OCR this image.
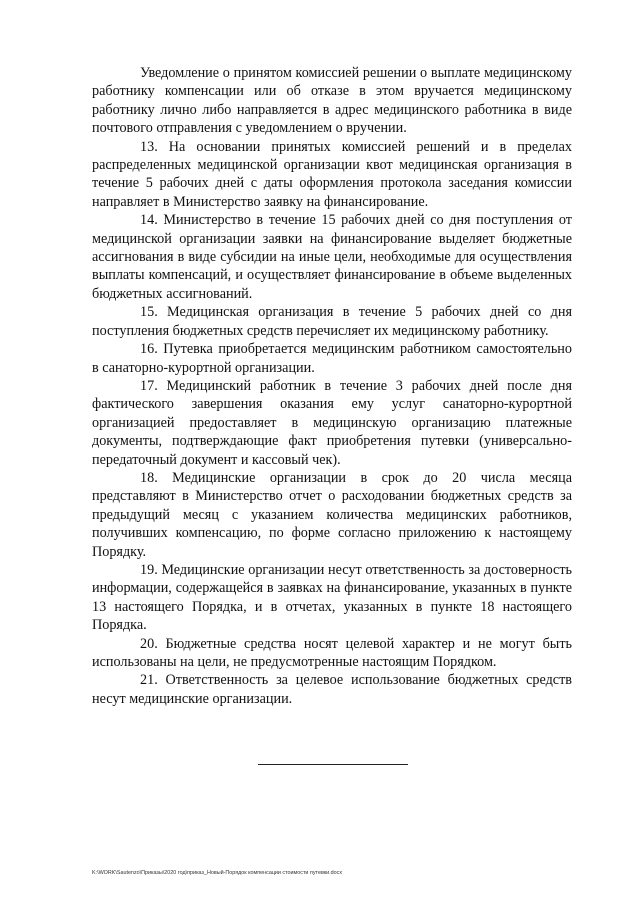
Уведомление о принятом комиссией решении о выплате медицинскому работнику компенсации или об отказе в этом вручается медицинскому работнику лично либо направляется в адрес медицинского работника в виде почтового отправления с уведомлением о вручении.

13. На основании принятых комиссией решений и в пределах распределенных медицинской организации квот медицинская организация в течение 5 рабочих дней с даты оформления протокола заседания комиссии направляет в Министерство заявку на финансирование.

14. Министерство в течение 15 рабочих дней со дня поступления от медицинской организации заявки на финансирование выделяет бюджетные ассигнования в виде субсидии на иные цели, необходимые для осуществления выплаты компенсаций, и осуществляет финансирование в объеме выделенных бюджетных ассигнований.

15. Медицинская организация в течение 5 рабочих дней со дня поступления бюджетных средств перечисляет их медицинскому работнику.

16. Путевка приобретается медицинским работником самостоятельно в санаторно-курортной организации.

17. Медицинский работник в течение 3 рабочих дней после дня фактического завершения оказания ему услуг санаторно-курортной организацией предоставляет в медицинскую организацию платежные документы, подтверждающие факт приобретения путевки (универсально-передаточный документ и кассовый чек).

18. Медицинские организации в срок до 20 числа месяца представляют в Министерство отчет о расходовании бюджетных средств за предыдущий месяц с указанием количества медицинских работников, получивших компенсацию, по форме согласно приложению к настоящему Порядку.

19. Медицинские организации несут ответственность за достоверность информации, содержащейся в заявках на финансирование, указанных в пункте 13 настоящего Порядка, и в отчетах, указанных в пункте 18 настоящего Порядка.

20. Бюджетные средства носят целевой характер и не могут быть использованы на цели, не предусмотренные настоящим Порядком.

21. Ответственность за целевое использование бюджетных средств несут медицинские организации.

K:\WORK\Sautenzo\Приказы\2020 год\приказ_Новый-Порядок компенсации стоимости путевки.docx
